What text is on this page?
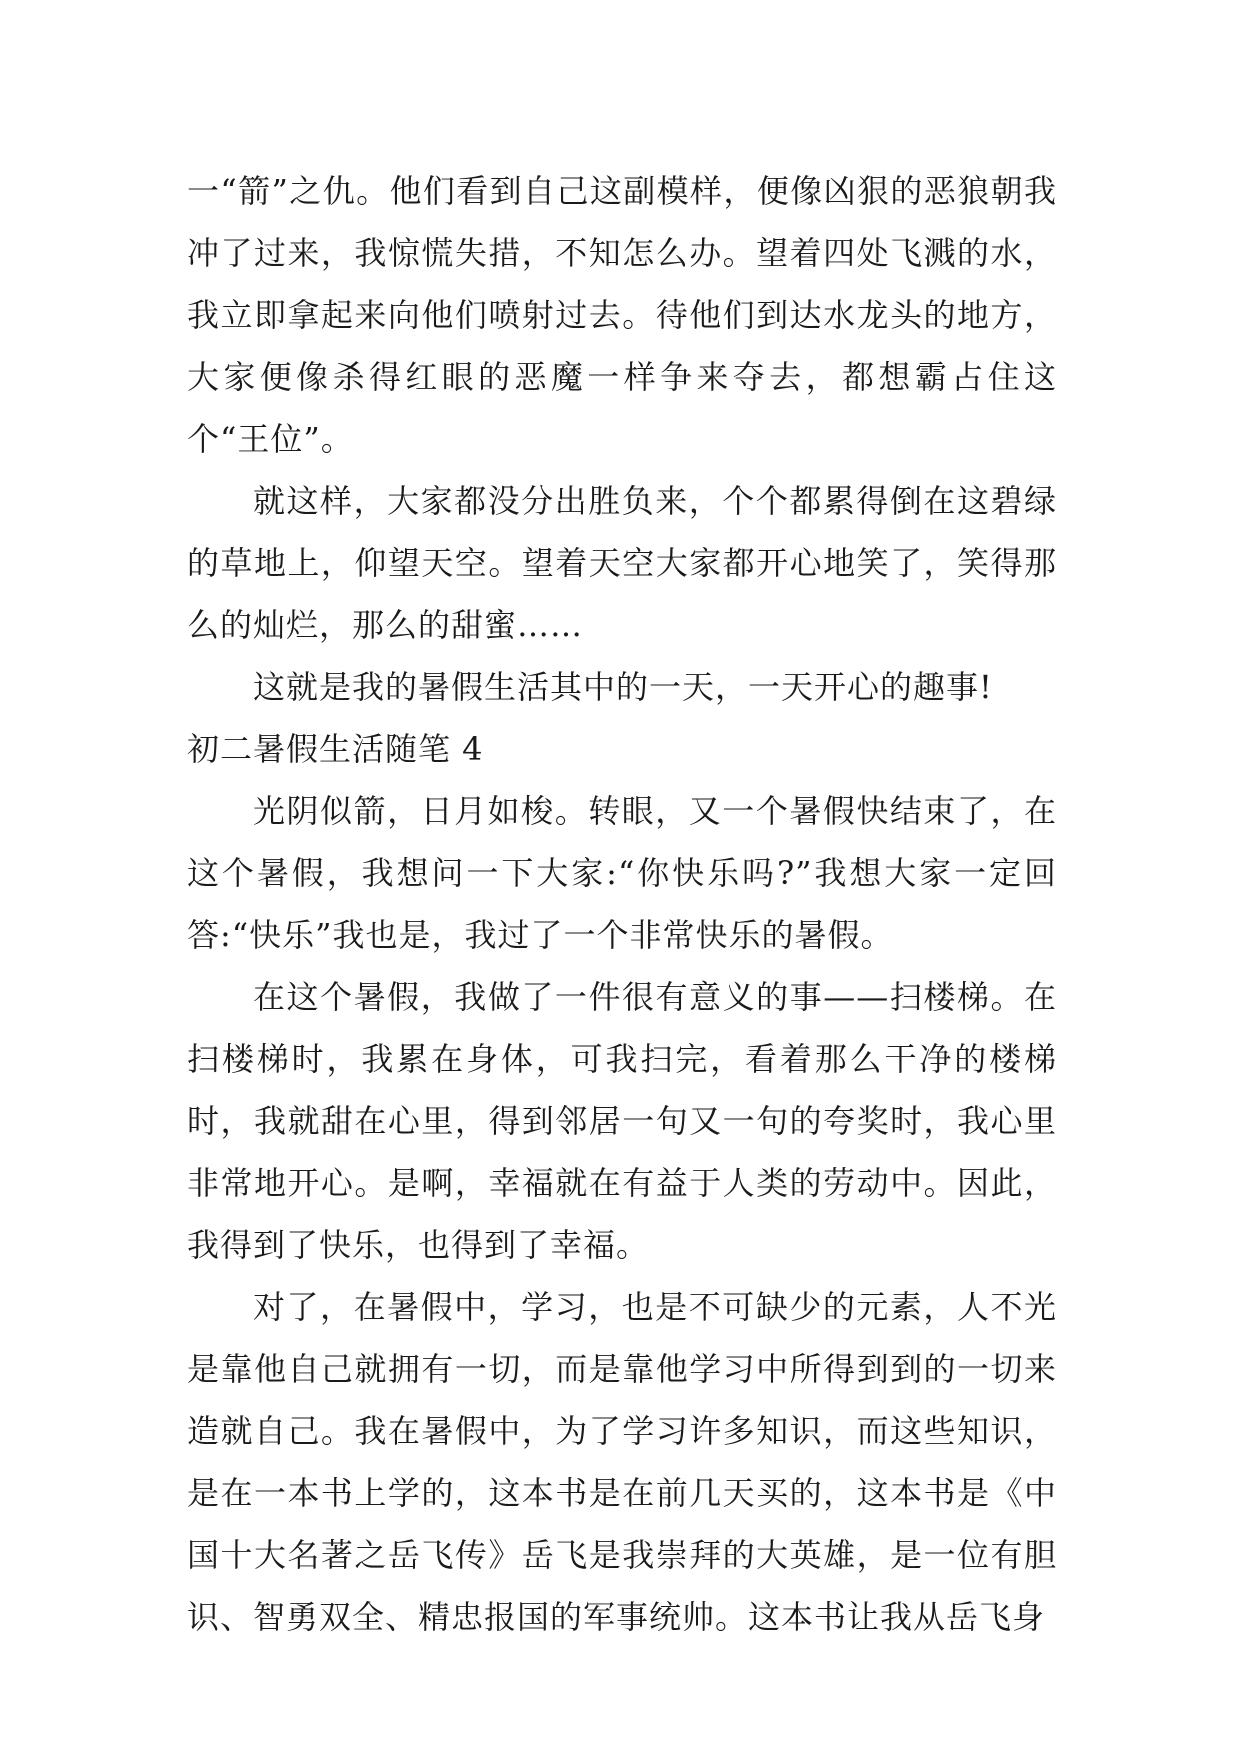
一“箭”之仇。他们看到自己这副模样，便像凶狠的恶狼朝我冲了过来，我惊慌失措，不知怎么办。望着四处飞溅的水，我立即拿起来向他们喷射过去。待他们到达水龙头的地方，大家便像杀得红眼的恶魔一样争来夺去，都想霸占住这个“王位”。

就这样，大家都没分出胜负来，个个都累得倒在这碧绿的草地上，仰望天空。望着天空大家都开心地笑了，笑得那么的灿烂，那么的甜蜜……

这就是我的暑假生活其中的一天，一天开心的趣事!

初二暑假生活随笔 4

光阴似箭，日月如梭。转眼，又一个暑假快结束了，在这个暑假，我想问一下大家:“你快乐吗?”我想大家一定回答:“快乐”我也是，我过了一个非常快乐的暑假。

在这个暑假，我做了一件很有意义的事——扫楼梯。在扫楼梯时，我累在身体，可我扫完，看着那么干净的楼梯时，我就甜在心里，得到邻居一句又一句的夸奖时，我心里非常地开心。是啊，幸福就在有益于人类的劳动中。因此，我得到了快乐，也得到了幸福。

对了，在暑假中，学习，也是不可缺少的元素，人不光是靠他自己就拥有一切，而是靠他学习中所得到到的一切来造就自己。我在暑假中，为了学习许多知识，而这些知识，是在一本书上学的，这本书是在前几天买的，这本书是《中国十大名著之岳飞传》岳飞是我崇拜的大英雄，是一位有胆识、智勇双全、精忠报国的军事统帅。这本书让我从岳飞身
